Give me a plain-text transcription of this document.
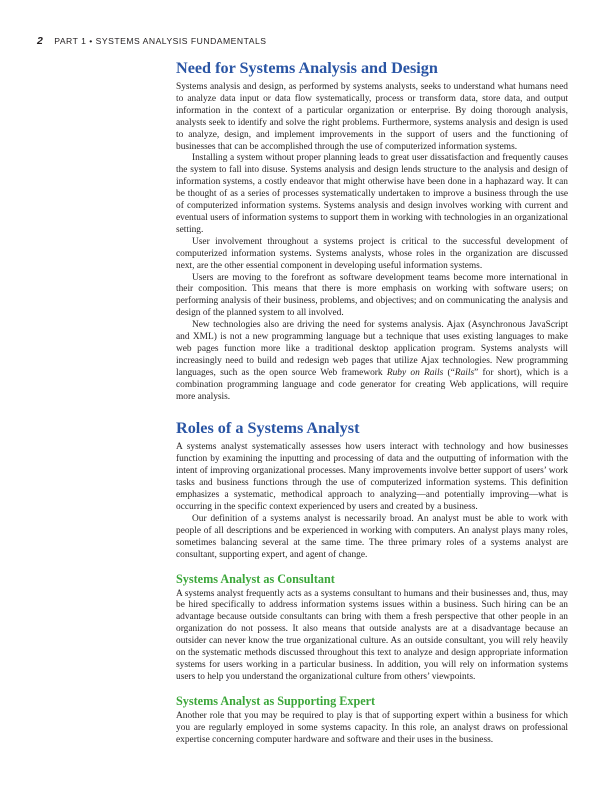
2 PART 1 • SYSTEMS ANALYSIS FUNDAMENTALS
Need for Systems Analysis and Design

Systems analysis and design, as performed by systems analysts, seeks to understand what humans need to analyze data input or data flow systematically, process or transform data, store data, and output information in the context of a particular organization or enterprise. By doing thorough analysis, analysts seek to identify and solve the right problems. Furthermore, systems analysis and design is used to analyze, design, and implement improvements in the support of users and the functioning of businesses that can be accomplished through the use of computerized information systems.

Installing a system without proper planning leads to great user dissatisfaction and frequently causes the system to fall into disuse. Systems analysis and design lends structure to the analysis and design of information systems, a costly endeavor that might otherwise have been done in a haphazard way. It can be thought of as a series of processes systematically undertaken to improve a business through the use of computerized information systems. Systems analysis and design involves working with current and eventual users of information systems to support them in working with technologies in an organizational setting.

User involvement throughout a systems project is critical to the successful development of computerized information systems. Systems analysts, whose roles in the organization are discussed next, are the other essential component in developing useful information systems.

Users are moving to the forefront as software development teams become more international in their composition. This means that there is more emphasis on working with software users; on performing analysis of their business, problems, and objectives; and on communicating the analysis and design of the planned system to all involved.

New technologies also are driving the need for systems analysis. Ajax (Asynchronous JavaScript and XML) is not a new programming language but a technique that uses existing languages to make web pages function more like a traditional desktop application program. Systems analysts will increasingly need to build and redesign web pages that utilize Ajax technologies. New programming languages, such as the open source Web framework Ruby on Rails (“Rails” for short), which is a combination programming language and code generator for creating Web applications, will require more analysis.

Roles of a Systems Analyst

A systems analyst systematically assesses how users interact with technology and how businesses function by examining the inputting and processing of data and the outputting of information with the intent of improving organizational processes. Many improvements involve better support of users’ work tasks and business functions through the use of computerized information systems. This definition emphasizes a systematic, methodical approach to analyzing—and potentially improving—what is occurring in the specific context experienced by users and created by a business.

Our definition of a systems analyst is necessarily broad. An analyst must be able to work with people of all descriptions and be experienced in working with computers. An analyst plays many roles, sometimes balancing several at the same time. The three primary roles of a systems analyst are consultant, supporting expert, and agent of change.

Systems Analyst as Consultant

A systems analyst frequently acts as a systems consultant to humans and their businesses and, thus, may be hired specifically to address information systems issues within a business. Such hiring can be an advantage because outside consultants can bring with them a fresh perspective that other people in an organization do not possess. It also means that outside analysts are at a disadvantage because an outsider can never know the true organizational culture. As an outside consultant, you will rely heavily on the systematic methods discussed throughout this text to analyze and design appropriate information systems for users working in a particular business. In addition, you will rely on information systems users to help you understand the organizational culture from others’ viewpoints.

Systems Analyst as Supporting Expert

Another role that you may be required to play is that of supporting expert within a business for which you are regularly employed in some systems capacity. In this role, an analyst draws on professional expertise concerning computer hardware and software and their uses in the business.
